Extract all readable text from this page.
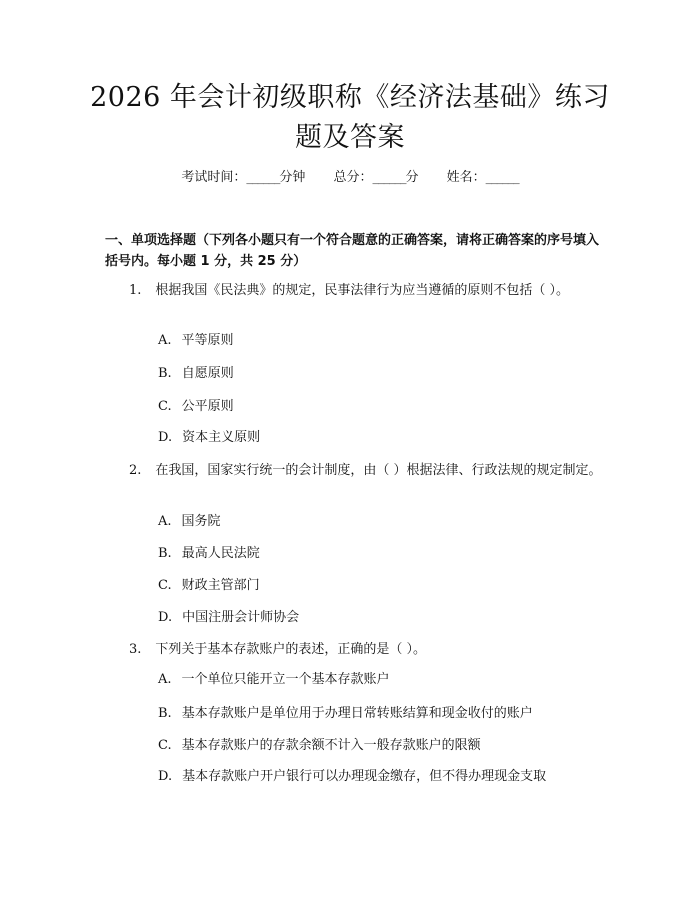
2026 年会计初级职称《经济法基础》练习题及答案
考试时间：______分钟 总分：______分 姓名：______
一、单项选择题（下列各小题只有一个符合题意的正确答案，请将正确答案的序号填入括号内。每小题 1 分，共 25 分）
1. 根据我国《民法典》的规定，民事法律行为应当遵循的原则不包括（ ）。
A. 平等原则
B. 自愿原则
C. 公平原则
D. 资本主义原则
2. 在我国，国家实行统一的会计制度，由（ ）根据法律、行政法规的规定制定。
A. 国务院
B. 最高人民法院
C. 财政主管部门
D. 中国注册会计师协会
3. 下列关于基本存款账户的表述，正确的是（ ）。
A. 一个单位只能开立一个基本存款账户
B. 基本存款账户是单位用于办理日常转账结算和现金收付的账户
C. 基本存款账户的存款余额不计入一般存款账户的限额
D. 基本存款账户开户银行可以办理现金缴存，但不得办理现金支取
